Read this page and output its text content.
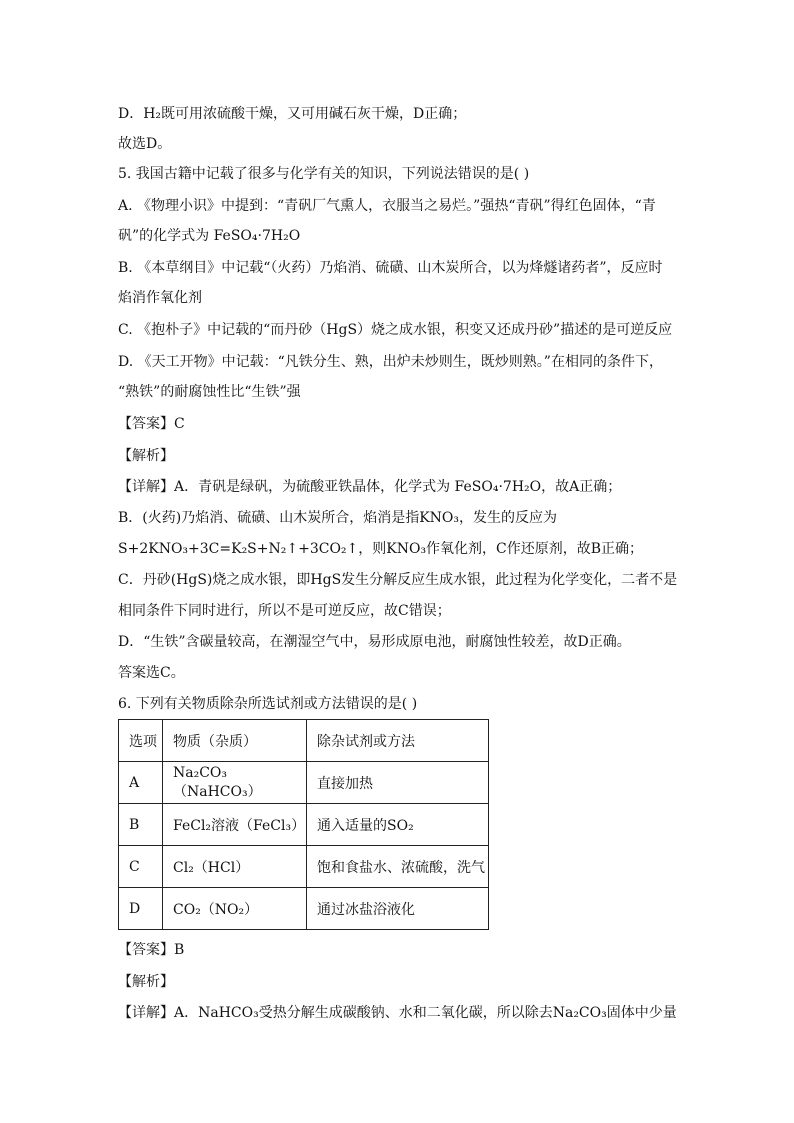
D．H₂既可用浓硫酸干燥，又可用碱石灰干燥，D正确；
故选D。
5. 我国古籍中记载了很多与化学有关的知识，下列说法错误的是( )
A. 《物理小识》中提到：“青矾厂气熏人，衣服当之易烂。”强热“青矾”得红色固体，“青
矾”的化学式为 FeSO₄·7H₂O
B. 《本草纲目》中记载“（火药）乃焰消、硫磺、山木炭所合，以为烽燧诸药者”，反应时
焰消作氧化剂
C. 《抱朴子》中记载的“而丹砂（HgS）烧之成水银，积变又还成丹砂”描述的是可逆反应
D. 《天工开物》中记载：“凡铁分生、熟，出炉未炒则生，既炒则熟。”在相同的条件下，
“熟铁”的耐腐蚀性比“生铁”强
【答案】C
【解析】
【详解】A．青矾是绿矾，为硫酸亚铁晶体，化学式为 FeSO₄·7H₂O，故A正确；
B．(火药)乃焰消、硫磺、山木炭所合，焰消是指KNO₃，发生的反应为
S+2KNO₃+3C=K₂S+N₂↑+3CO₂↑，则KNO₃作氧化剂，C作还原剂，故B正确；
C．丹砂(HgS)烧之成水银，即HgS发生分解反应生成水银，此过程为化学变化，二者不是
相同条件下同时进行，所以不是可逆反应，故C错误；
D．“生铁”含碳量较高，在潮湿空气中，易形成原电池，耐腐蚀性较差，故D正确。
答案选C。
6. 下列有关物质除杂所选试剂或方法错误的是( )
选项	物质（杂质）	除杂试剂或方法
A	Na₂CO₃（NaHCO₃）	直接加热
B	FeCl₂溶液（FeCl₃）	通入适量的SO₂
C	Cl₂（HCl）	饱和食盐水、浓硫酸，洗气
D	CO₂（NO₂）	通过冰盐浴液化
【答案】B
【解析】
【详解】A．NaHCO₃受热分解生成碳酸钠、水和二氧化碳，所以除去Na₂CO₃固体中少量
